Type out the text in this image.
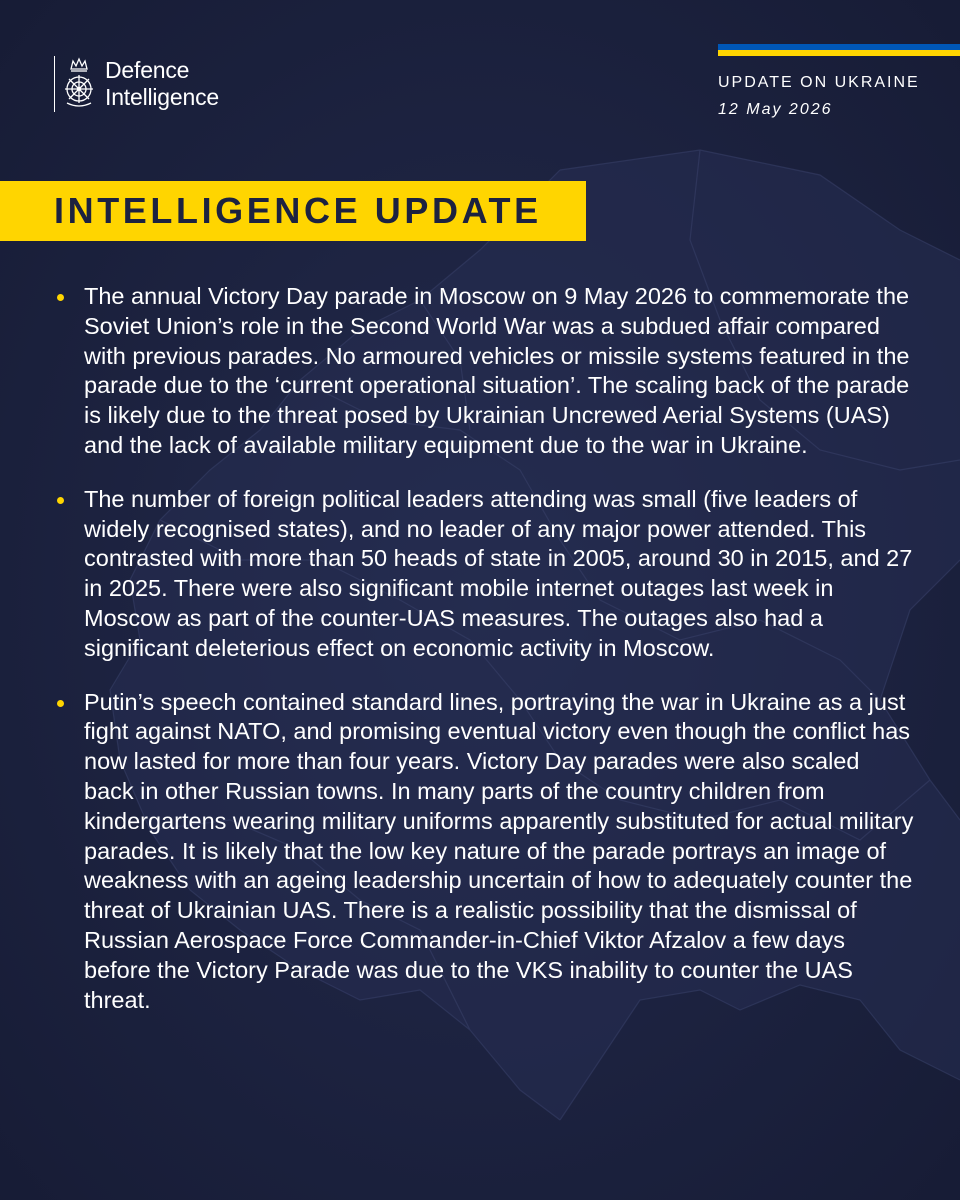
Defence
Intelligence
UPDATE ON UKRAINE
12 May 2026
INTELLIGENCE UPDATE
The annual Victory Day parade in Moscow on 9 May 2026 to commemorate the Soviet Union’s role in the Second World War was a subdued affair compared with previous parades. No armoured vehicles or missile systems featured in the parade due to the ‘current operational situation’. The scaling back of the parade is likely due to the threat posed by Ukrainian Uncrewed Aerial Systems (UAS) and the lack of available military equipment due to the war in Ukraine.
The number of foreign political leaders attending was small (five leaders of widely recognised states), and no leader of any major power attended. This contrasted with more than 50 heads of state in 2005, around 30 in 2015, and 27 in 2025. There were also significant mobile internet outages last week in Moscow as part of the counter-UAS measures. The outages also had a significant deleterious effect on economic activity in Moscow.
Putin’s speech contained standard lines, portraying the war in Ukraine as a just fight against NATO, and promising eventual victory even though the conflict has now lasted for more than four years. Victory Day parades were also scaled back in other Russian towns. In many parts of the country children from kindergartens wearing military uniforms apparently substituted for actual military parades. It is likely that the low key nature of the parade portrays an image of weakness with an ageing leadership uncertain of how to adequately counter the threat of Ukrainian UAS. There is a realistic possibility that the dismissal of Russian Aerospace Force Commander-in-Chief Viktor Afzalov a few days before the Victory Parade was due to the VKS inability to counter the UAS threat.
